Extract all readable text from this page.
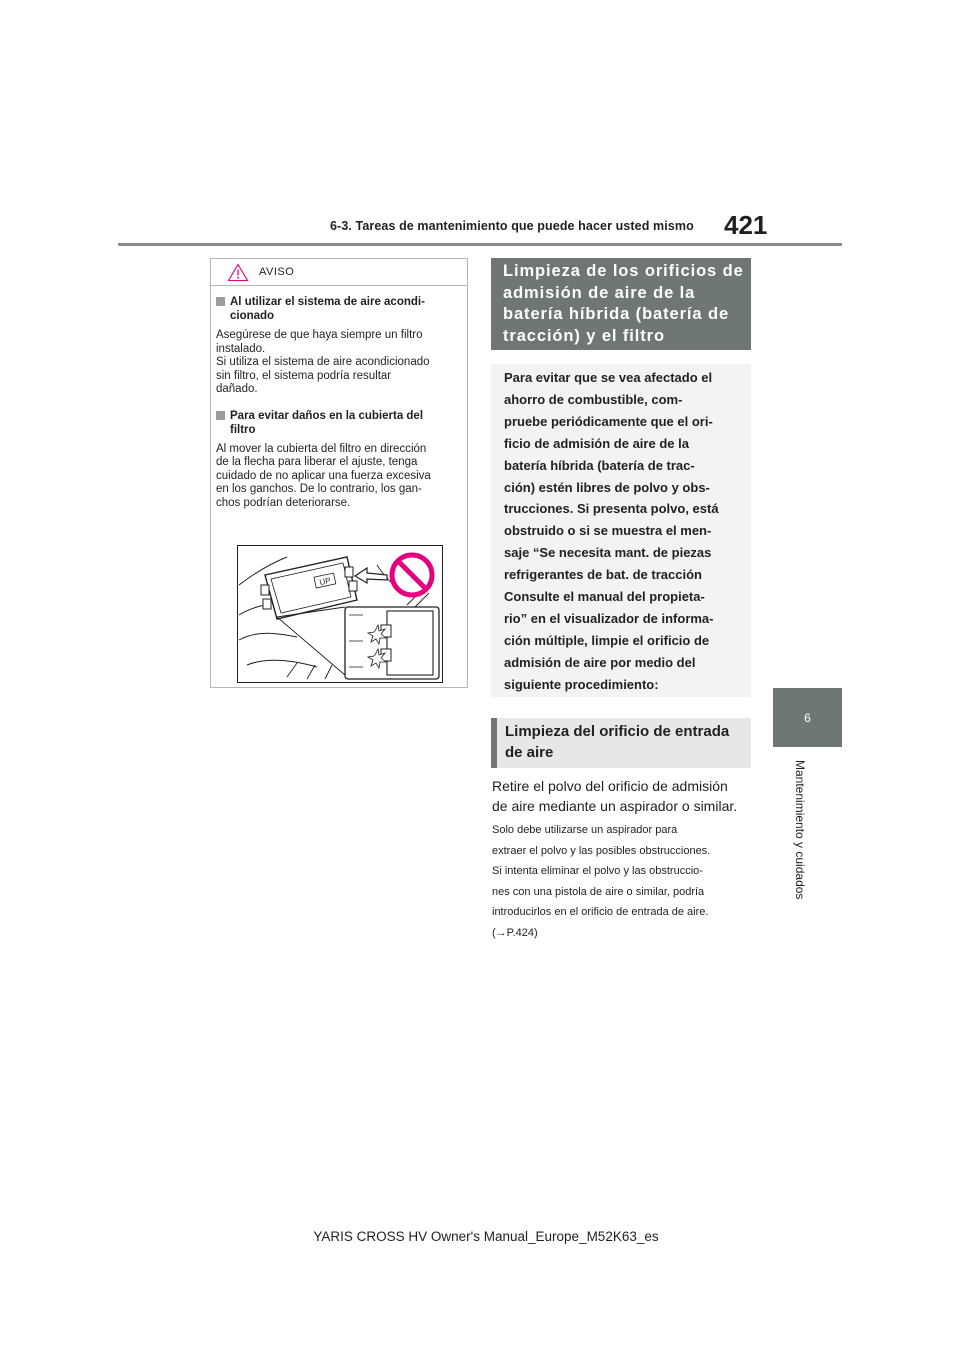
6-3. Tareas de mantenimiento que puede hacer usted mismo 421
6
Mantenimiento y cuidados
AVISO
Al utilizar el sistema de aire acondi-
cionado
Asegúrese de que haya siempre un filtro
instalado.
Si utiliza el sistema de aire acondicionado
sin filtro, el sistema podría resultar
dañado.
Para evitar daños en la cubierta del
filtro
Al mover la cubierta del filtro en dirección
de la flecha para liberar el ajuste, tenga
cuidado de no aplicar una fuerza excesiva
en los ganchos. De lo contrario, los gan-
chos podrían deteriorarse.
UP
Limpieza de los orificios de
admisión de aire de la
batería híbrida (batería de
tracción) y el filtro
Para evitar que se vea afectado el
ahorro de combustible, com-
pruebe periódicamente que el ori-
ficio de admisión de aire de la
batería híbrida (batería de trac-
ción) estén libres de polvo y obs-
trucciones. Si presenta polvo, está
obstruido o si se muestra el men-
saje “Se necesita mant. de piezas
refrigerantes de bat. de tracción
Consulte el manual del propieta-
rio” en el visualizador de informa-
ción múltiple, limpie el orificio de
admisión de aire por medio del
siguiente procedimiento:
Limpieza del orificio de entrada
de aire
Retire el polvo del orificio de admisión
de aire mediante un aspirador o similar.
Solo debe utilizarse un aspirador para
extraer el polvo y las posibles obstrucciones.
Si intenta eliminar el polvo y las obstruccio-
nes con una pistola de aire o similar, podría
introducirlos en el orificio de entrada de aire.
(→P.424)
YARIS CROSS HV Owner's Manual_Europe_M52K63_es
